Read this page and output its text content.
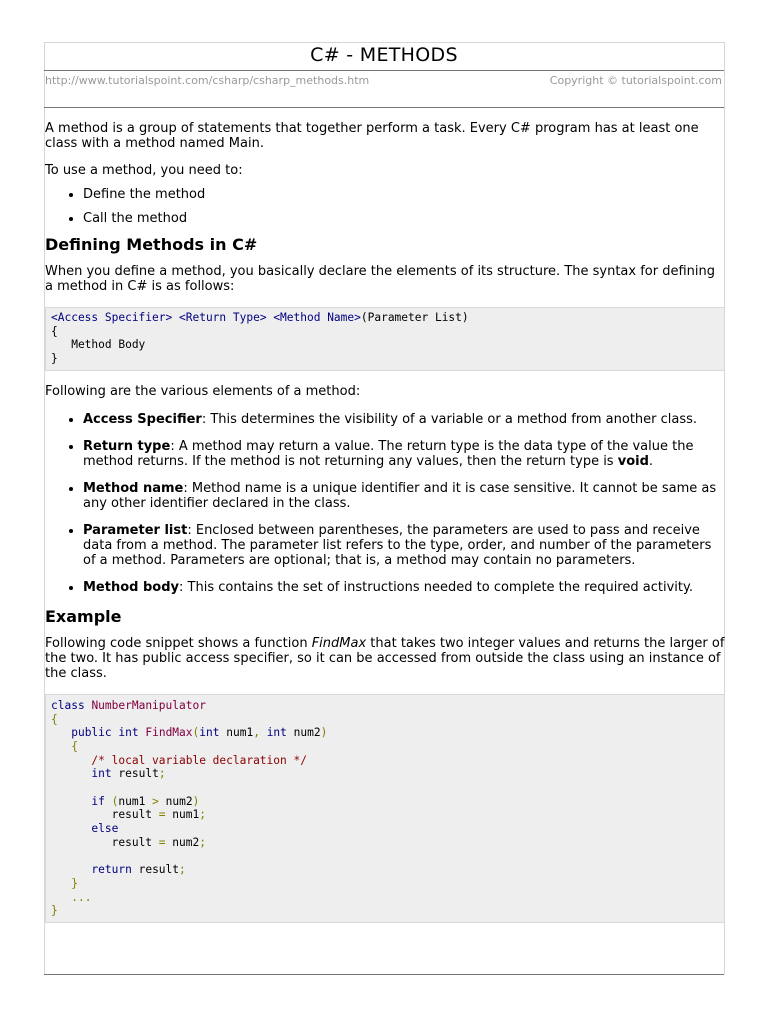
C# - METHODS
http://www.tutorialspoint.com/csharp/csharp_methods.htm	Copyright © tutorialspoint.com

A method is a group of statements that together perform a task. Every C# program has at least one class with a method named Main.

To use a method, you need to:

• Define the method
• Call the method
Defining Methods in C#

When you define a method, you basically declare the elements of its structure. The syntax for defining a method in C# is as follows:

<Access Specifier> <Return Type> <Method Name>(Parameter List)
{
Method Body
}

Following are the various elements of a method:

• Access Specifier: This determines the visibility of a variable or a method from another class.
• Return type: A method may return a value. The return type is the data type of the value the method returns. If the method is not returning any values, then the return type is void.
• Method name: Method name is a unique identifier and it is case sensitive. It cannot be same as any other identifier declared in the class.
• Parameter list: Enclosed between parentheses, the parameters are used to pass and receive data from a method. The parameter list refers to the type, order, and number of the parameters of a method. Parameters are optional; that is, a method may contain no parameters.
• Method body: This contains the set of instructions needed to complete the required activity.
Example

Following code snippet shows a function FindMax that takes two integer values and returns the larger of the two. It has public access specifier, so it can be accessed from outside the class using an instance of the class.

class NumberManipulator
{
public int FindMax(int num1, int num2)
{
/* local variable declaration */
int result;

if (num1 > num2)
result = num1;
else
result = num2;

return result;
}
...
}
